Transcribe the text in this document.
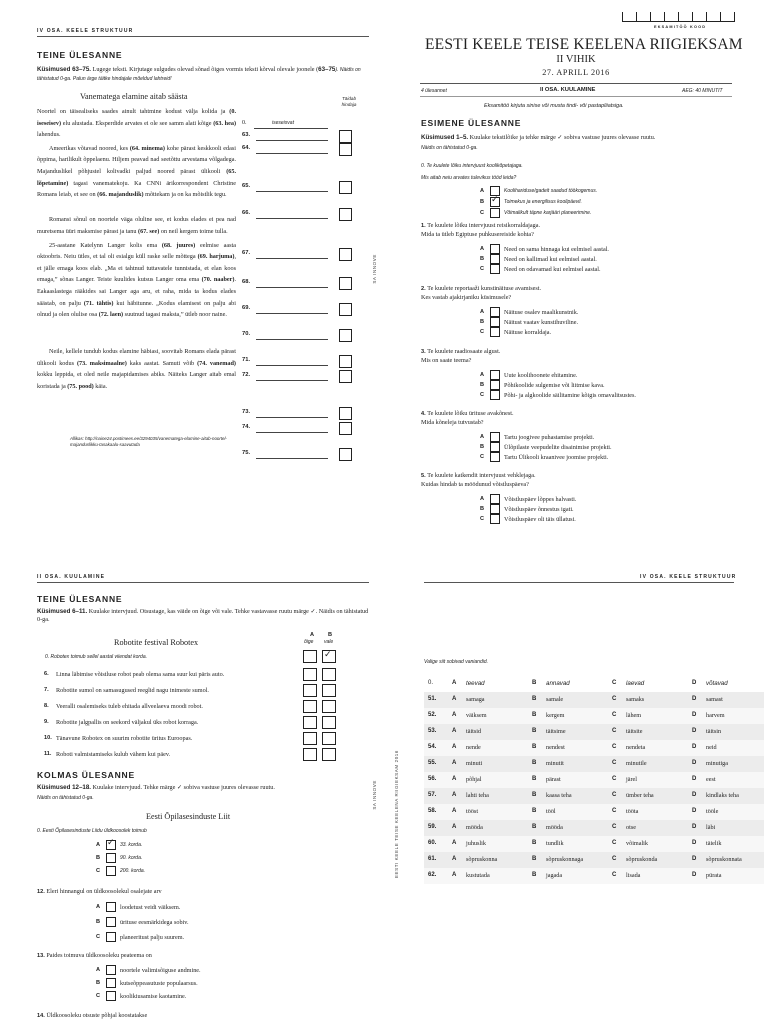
IV OSA. KEELE STRUKTUUR
TEINE ÜLESANNE
Küsimused 63–75. Lugege teksti. Kirjutage sulgudes olevad sõnad õiges vormis teksti kõrval olevale joonele (63–75). Näidis on tähistatud 0-ga. Palun ärge täitke hindajale mõeldud lahtreid!
Vanematega elamine aitab säästa	Täidab hindaja
Noortel on täisealiseks saades ainult tahtmine kodust välja kolida ja (0. iseseisev) elu alustada. Eksperdide arvates ei ole see samm alati kõige (63. hea) lahendus.
Ameerikas võtavad noored, kes (64. minema) kohe pärast keskkooli edasi õppima, harilikult õppelaenu. Hiljem peavad nad seetõttu arvestama võlgadega. Majanduslikel põhjustel kolivadki paljud noored pärast ülikooli (65. lõpetamine) tagasi vanematekoju. Ka CNNi ärikorrespondent Christine Romans leiab, et see on (66. majanduslik) mõttekam ja on ka mõistlik tegu.
Romansi sõnul on noortele väga oluline see, et kodus elades ei pea nad muretsema üüri maksmise pärast ja tanu (67. see) on neil kergem toime tulla.
25-aastane Katelynn Langer kolis ema (68. juures) eelmise aasta oktoobris. Neiu ütles, et tal oli esialgu küll raske selle mõttega (69. harjuma), et jälle emaga koos elab. „Ma ei tahtnud tuttavatele tunnistada, et elan koos emaga,” sõnas Langer. Teiste kuulides kutsus Langer oma ema (70. naaber). Eakaaslastega rääkides sai Langer aga aru, et raha, mida ta kodus elades säästab, on palju (71. tähtis) kui häbitunne. „Kodus elamisest on palju abi olnud ja olen olulise osa (72. laen) suutnud tagasi maksta,” ütleb noor naine.
Neile, kellele tundub kodus elamine häbiasi, soovitab Romans elada pärast ülikooli kodus (73. maksimaalne) kaks aastat. Samuti võib (74. vanemad) kokku leppida, et oled neile majapidamises abiks. Näiteks Langer aitab emal koristada ja (75. pood) käia.
Allikas: http://naine24.postimees.ee/3294035/vanematega-elamine-aitab-noortel-majanduslikku-tasakaalu-saavutada
0.	iseseisvat
63.
64.
65.
66.
67.
68.
69.
70.
71.
72.
73.
74.
75.
SA INNOVE
EKSAMITÖÖ KOOD
EESTI KEELE TEISE KEELENA RIIGIEKSAM
II VIHIK
27. APRILL 2016
4 ülesannet	II OSA. KUULAMINE	AEG: 40 MINUTIT
Eksamitöö kirjuta sinise või musta tindi- või pastapliiatsiga.
ESIMENE ÜLESANNE
Küsimused 1–5. Kuulake tekstilõike ja tehke märge ✓ sobiva vastuse juures olevasse ruutu.
Näidis on tähistatud 0-ga.
0. Te kuulete lõiku intervjuust koolikõpetajaga.
Mis aitab neiu arvates tulevikus tööd leida?
A	Koolihariduse/gadeit saadud töökogemus.
B ✓ Toimekus ja energilisus koolipäevil.
C	Võimalikult täpne karjääri planeerimine.
1. Te kuulete lõiku intervjuust reisikorraldajaga.
Mida ta ütleb Egiptuse puhkusereiside kohta?
A	Need on sama hinnaga kui eelmisel aastal.
B	Need on kallimad kui eelmisel aastal.
C	Need on odavamad kui eelmisel aastal.
2. Te kuulete reportaaži kunstinäituse avamisest.
Kes vastab ajakirjaniku küsimusele?
A	Näituse osalev maalikunstnik.
B	Näitust vaatav kunstihuviline.
C	Näituse korraldaja.
3. Te kuulete raadiosaate algust.
Mis on saate teema?
A	Uute koolihoonete ehitamine.
B	Põhikoolide sulgemise või liitmise kava.
C	Põhi- ja algkoolide säilitamine kõigis omavalitsustes.
4. Te kuulete lõiku ürituse avakõnest.
Mida kõneleja tutvustab?
A	Tartu joogivee puhastamise projekti.
B	Ülõpilaste veepudelite disainimise projekti.
C	Tartu Ülikooli kraanivee joomise projekti.
5. Te kuulete katkendit intervjuust vehklejaga.
Kuidas hindab ta möödunud võistluspäeva?
A	Võistluspäev lõppes halvasti.
B	Võistluspäev õnnestus igati.
C	Võistluspäev oli täis üllatusi.
II OSA. KUULAMINE
TEINE ÜLESANNE
Küsimused 6–11. Kuulake intervjuud. Otsustage, kas väide on õige või vale. Tehke vastavasse ruutu märge ✓. Näidis on tähistatud 0-ga.
Robotite festival Robotex
A
õige
B
vale
0. Robotex toimub sellel aastal viiendat korda.	✓
6. Linna läbimise võistluse robot peab olema sama suur kui päris auto.
7. Robotite sumol on samasugused reeglid nagu inimeste sumol.
8. Veeralli osalemiseks tuleb ehitada allveelaeva moodi robot.
9. Robotite jalgpallis on seekord väljakul üks robot korraga.
10. Tänavune Robotex on suurim robotite üritus Euroopas.
11. Roboti valmistamiseks kulub vähem kui päev.
KOLMAS ÜLESANNE
Küsimused 12–18. Kuulake intervjuud. Tehke märge ✓ sobiva vastuse juures olevasse ruutu.
Näidis on tähistatud 0-ga.
Eesti Õpilasesinduste Liit
0. Eesti Õpilasesinduste Liidu üldkoosolek toimub
A ✓ 33. korda.
B	90. korda.
C	200. korda.
12. Eleri hinnangul on üldkoosolekul osalejate arv
A	loodetust veidi väiksem.
B	ürituse eesmärkidega sobiv.
C	planeeritust palju suurem.
13. Paides toimuva üldkoosoleku peateema on
A	noortele valimisõiguse andmine.
B	kutseõppeasutuste populaarsus.
C	koolikiusamise kaotamine.
14. Üldkoosoleku otsuste põhjal koostatakse
SA INNOVE	EESTI KEELE TEISE KEELENA RIIGIEKSAM 2016
IV OSA. KEELE STRUKTUUR
Valige siit sobivad vaniandid.
0.	A teevad	B annavad	C laevad	D võtavad
51.	A samaga	B samale	C samaks	D samast
52.	A väiksem	B kergem	C lähem	D harvem
53.	A täitsid	B täitsime	C täitsite	D täitsin
54.	A nende	B nendest	C nendeta	D neid
55.	A minuti	B minutit	C minutile	D minutiga
56.	A põhjal	B pärast	C järel	D eest
57.	A lahti teha	B kaasa teha	C ümber teha	D kindlaks teha
58.	A tööst	B tööl	C tööta	D tööle
59.	A mööda	B mööda	C otse	D läbi
60.	A juhuslik	B tundlik	C võimalik	D täielik
61.	A sõpruskonna	B sõpruskonnaga	C sõpruskonda	D sõpruskonnata
62.	A kustutada	B jagada	C lisada	D pürata
